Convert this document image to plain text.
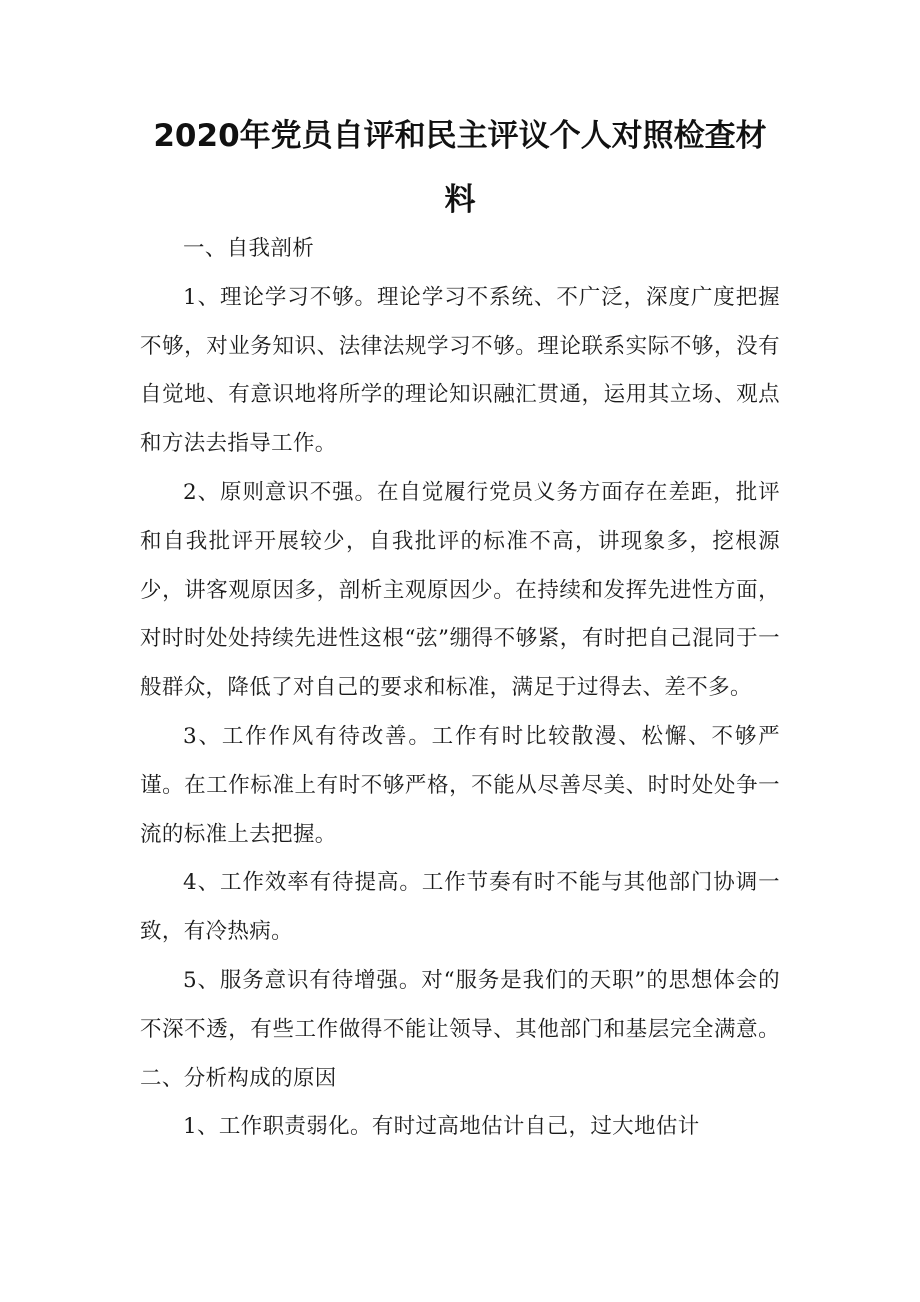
2020年党员自评和民主评议个人对照检查材
料

一、自我剖析

1、理论学习不够。理论学习不系统、不广泛，深度广度把握不够，对业务知识、法律法规学习不够。理论联系实际不够，没有自觉地、有意识地将所学的理论知识融汇贯通，运用其立场、观点和方法去指导工作。

2、原则意识不强。在自觉履行党员义务方面存在差距，批评和自我批评开展较少，自我批评的标准不高，讲现象多，挖根源少，讲客观原因多，剖析主观原因少。在持续和发挥先进性方面，对时时处处持续先进性这根“弦”绷得不够紧，有时把自己混同于一般群众，降低了对自己的要求和标准，满足于过得去、差不多。

3、工作作风有待改善。工作有时比较散漫、松懈、不够严谨。在工作标准上有时不够严格，不能从尽善尽美、时时处处争一流的标准上去把握。

4、工作效率有待提高。工作节奏有时不能与其他部门协调一致，有冷热病。

5、服务意识有待增强。对“服务是我们的天职”的思想体会的不深不透，有些工作做得不能让领导、其他部门和基层完全满意。二、分析构成的原因

1、工作职责弱化。有时过高地估计自己，过大地估计
